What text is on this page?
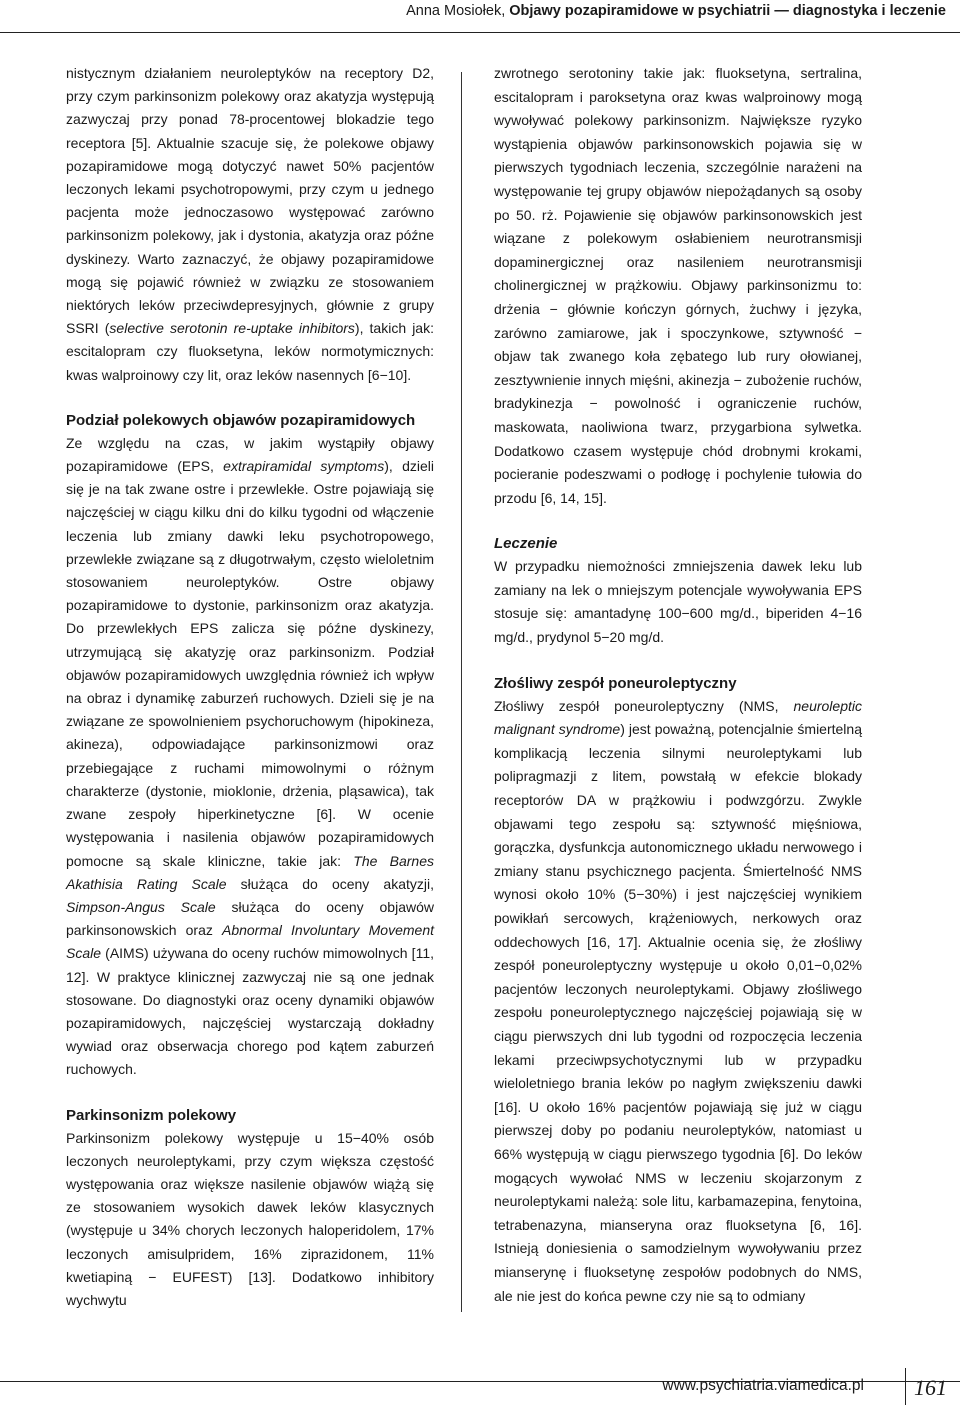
Anna Mosiołek, Objawy pozapiramidowe w psychiatrii — diagnostyka i leczenie

nistycznym działaniem neuroleptyków na receptory D2, przy czym parkinsonizm polekowy oraz akatyzja występują zazwyczaj przy ponad 78-procentowej blokadzie tego receptora [5]. Aktualnie szacuje się, że polekowe objawy pozapiramidowe mogą dotyczyć nawet 50% pacjentów leczonych lekami psychotropowymi, przy czym u jednego pacjenta może jednoczasowo występować zarówno parkinsonizm polekowy, jak i dystonia, akatyzja oraz późne dyskinezy. Warto zaznaczyć, że objawy pozapiramidowe mogą się pojawić również w związku ze stosowaniem niektórych leków przeciwdepresyjnych, głównie z grupy SSRI (selective serotonin re-uptake inhibitors), takich jak: escitalopram czy fluoksetyna, leków normotymicznych: kwas walproinowy czy lit, oraz leków nasennych [6−10].

Podział polekowych objawów pozapiramidowych

Ze względu na czas, w jakim wystąpiły objawy pozapiramidowe (EPS, extrapiramidal symptoms), dzieli się je na tak zwane ostre i przewlekłe. Ostre pojawiają się najczęściej w ciągu kilku dni do kilku tygodni od włączenie leczenia lub zmiany dawki leku psychotropowego, przewlekłe związane są z długotrwałym, często wieloletnim stosowaniem neuroleptyków. Ostre objawy pozapiramidowe to dystonie, parkinsonizm oraz akatyzja. Do przewlekłych EPS zalicza się późne dyskinezy, utrzymującą się akatyzję oraz parkinsonizm. Podział objawów pozapiramidowych uwzględnia również ich wpływ na obraz i dynamikę zaburzeń ruchowych. Dzieli się je na związane ze spowolnieniem psychoruchowym (hipokineza, akineza), odpowiadające parkinsonizmowi oraz przebiegające z ruchami mimowolnymi o różnym charakterze (dystonie, mioklonie, drżenia, pląsawica), tak zwane zespoły hiperkinetyczne [6]. W ocenie występowania i nasilenia objawów pozapiramidowych pomocne są skale kliniczne, takie jak: The Barnes Akathisia Rating Scale służąca do oceny akatyzji, Simpson-Angus Scale służąca do oceny objawów parkinsonowskich oraz Abnormal Involuntary Movement Scale (AIMS) używana do oceny ruchów mimowolnych [11, 12]. W praktyce klinicznej zazwyczaj nie są one jednak stosowane. Do diagnostyki oraz oceny dynamiki objawów pozapiramidowych, najczęściej wystarczają dokładny wywiad oraz obserwacja chorego pod kątem zaburzeń ruchowych.

Parkinsonizm polekowy

Parkinsonizm polekowy występuje u 15−40% osób leczonych neuroleptykami, przy czym większa częstość występowania oraz większe nasilenie objawów wiążą się ze stosowaniem wysokich dawek leków klasycznych (występuje u 34% chorych leczonych haloperidolem, 17% leczonych amisulpridem, 16% ziprazidonem, 11% kwetiapiną − EUFEST) [13]. Dodatkowo inhibitory wychwytu

zwrotnego serotoniny takie jak: fluoksetyna, sertralina, escitalopram i paroksetyna oraz kwas walproinowy mogą wywoływać polekowy parkinsonizm. Największe ryzyko wystąpienia objawów parkinsonowskich pojawia się w pierwszych tygodniach leczenia, szczególnie narażeni na występowanie tej grupy objawów niepożądanych są osoby po 50. rż. Pojawienie się objawów parkinsonowskich jest wiązane z polekowym osłabieniem neurotransmisji dopaminergicznej oraz nasileniem neurotransmisji cholinergicznej w prążkowiu. Objawy parkinsonizmu to: drżenia − głównie kończyn górnych, żuchwy i języka, zarówno zamiarowe, jak i spoczynkowe, sztywność − objaw tak zwanego koła zębatego lub rury ołowianej, zesztywnienie innych mięśni, akinezja − zubożenie ruchów, bradykinezja − powolność i ograniczenie ruchów, maskowata, naoliwiona twarz, przygarbiona sylwetka. Dodatkowo czasem występuje chód drobnymi krokami, pocieranie podeszwami o podłogę i pochylenie tułowia do przodu [6, 14, 15].

Leczenie

W przypadku niemożności zmniejszenia dawek leku lub zamiany na lek o mniejszym potencjale wywoływania EPS stosuje się: amantadynę 100−600 mg/d., biperiden 4−16 mg/d., prydynol 5−20 mg/d.

Złośliwy zespół poneuroleptyczny

Złośliwy zespół poneuroleptyczny (NMS, neuroleptic malignant syndrome) jest poważną, potencjalnie śmiertelną komplikacją leczenia silnymi neuroleptykami lub polipragmazji z litem, powstałą w efekcie blokady receptorów DA w prążkowiu i podwzgórzu. Zwykle objawami tego zespołu są: sztywność mięśniowa, gorączka, dysfunkcja autonomicznego układu nerwowego i zmiany stanu psychicznego pacjenta. Śmiertelność NMS wynosi około 10% (5−30%) i jest najczęściej wynikiem powikłań sercowych, krążeniowych, nerkowych oraz oddechowych [16, 17]. Aktualnie ocenia się, że złośliwy zespół poneuroleptyczny występuje u około 0,01−0,02% pacjentów leczonych neuroleptykami. Objawy złośliwego zespołu poneuroleptycznego najczęściej pojawiają się w ciągu pierwszych dni lub tygodni od rozpoczęcia leczenia lekami przeciwpsychotycznymi lub w przypadku wieloletniego brania leków po nagłym zwiększeniu dawki [16]. U około 16% pacjentów pojawiają się już w ciągu pierwszej doby po podaniu neuroleptyków, natomiast u 66% występują w ciągu pierwszego tygodnia [6]. Do leków mogących wywołać NMS w leczeniu skojarzonym z neuroleptykami należą: sole litu, karbamazepina, fenytoina, tetrabenazyna, mianseryna oraz fluoksetyna [6, 16]. Istnieją doniesienia o samodzielnym wywoływaniu przez mianserynę i fluoksetynę zespołów podobnych do NMS, ale nie jest do końca pewne czy nie są to odmiany

www.psychiatria.viamedica.pl 161
